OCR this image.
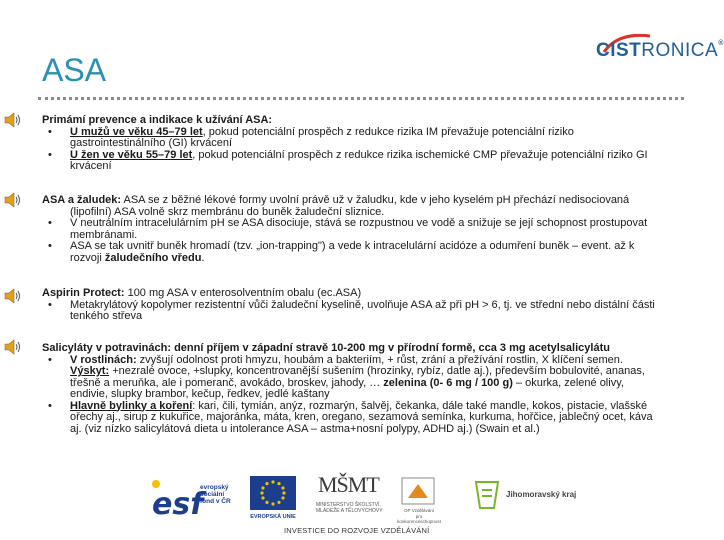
ASA
CISTRONICA®

Primámí prevence a indikace k užívání ASA:

• U mužů ve věku 45–79 let, pokud potenciální prospěch z redukce rizika IM převažuje potenciální riziko
gastrointestinálního (GI) krvácení
• U žen ve věku 55–79 let, pokud potenciální prospěch z redukce rizika ischemické CMP převažuje potenciální riziko GI
krvácení

ASA a žaludek: ASA se z běžné lékové formy uvolní právě už v žaludku, kde v jeho kyselém pH přechází nedisociovaná

(lipofilní) ASA volně skrz membránu do buněk žaludeční sliznice.

• V neutrálním intracelulárním pH se ASA disociuje, stává se rozpustnou ve vodě a snižuje se její schopnost prostupovat
membránami.
• ASA se tak uvnitř buněk hromadí (tzv. „ion‑trapping") a vede k intracelulární acidóze a odumření buněk – event. až k
rozvoji žaludečního vředu.

Aspirin Protect: 100 mg ASA v enterosolventním obalu (ec.ASA)

• Metakrylátový kopolymer rezistentní vůči žaludeční kyselině, uvolňuje ASA až při pH > 6, tj. ve střední nebo distální části
tenkého střeva

Salicyláty v potravinách: denní příjem v západní stravě 10-200 mg v přírodní formě, cca 3 mg acetylsalicylátu

• V rostlinách: zvyšují odolnost proti hmyzu, houbám a bakteriím, + růst, zrání a přežívání rostlin, X klíčení semen.
Výskyt: +nezralé ovoce, +slupky, koncentrovanější sušením (hrozinky, rybíz, datle aj.), především bobulovité, ananas,
třešně a meruňka, ale i pomeranč, avokádo, broskev, jahody, … zelenina (0- 6 mg / 100 g) – okurka, zelené olivy,
endivie, slupky brambor, kečup, ředkev, jedlé kaštany
• Hlavně bylinky a koření: kari, čili, tymián, anýz, rozmarýn, šalvěj, čekanka, dále také mandle, kokos, pistacie, vlašské
ořechy aj., sirup z kukuřice, majoránka, máta, kren, oregano, sezamová semínka, kurkuma, hořčice, jablečný ocet, káva
aj. (viz nízko salicylátová dieta u intolerance ASA – astma+nosní polypy, ADHD aj.) (Swain et al.)
esf
evropský
sociální
fond v ČR
EVROPSKÁ UNIE
MŠMT
MINISTERSTVO ŠKOLSTVÍ,
MLÁDEŽE A TĚLOVÝCHOVY	OP Vzdělávání
pro konkurenceschopnost
Jihomoravský kraj
INVESTICE DO ROZVOJE VZDĚLÁVÁNÍ
